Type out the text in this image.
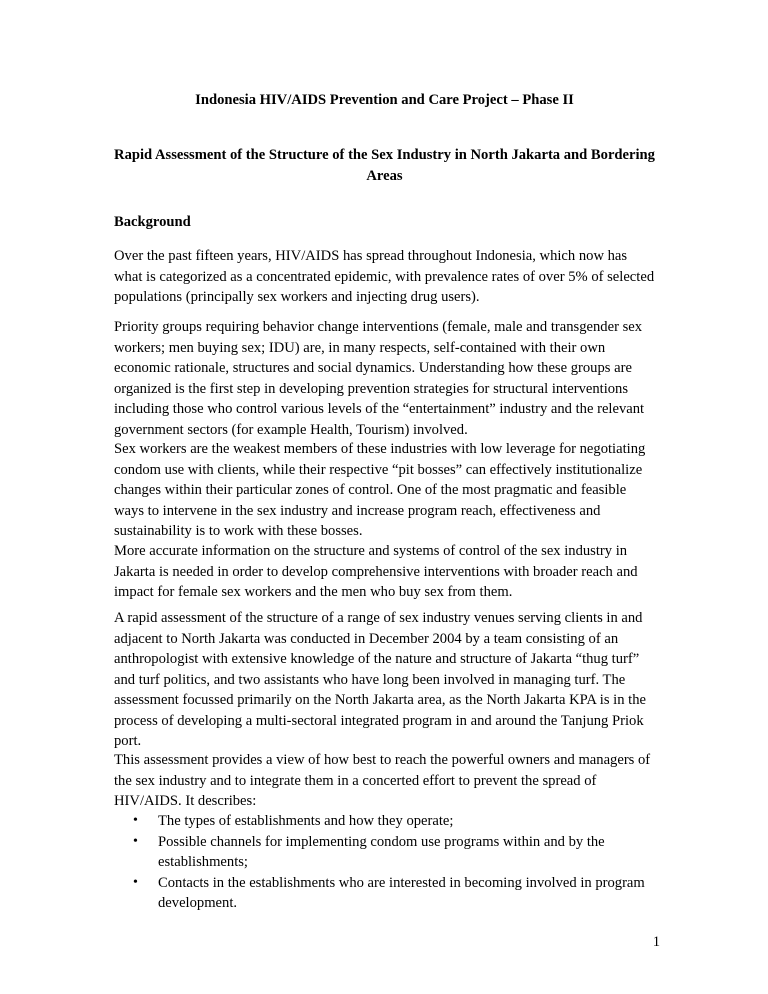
Indonesia HIV/AIDS Prevention and Care Project – Phase II

Rapid Assessment of the Structure of the Sex Industry in North Jakarta and Bordering Areas

Background

Over the past fifteen years, HIV/AIDS has spread throughout Indonesia, which now has what is categorized as a concentrated epidemic, with prevalence rates of over 5% of selected populations (principally sex workers and injecting drug users).

Priority groups requiring behavior change interventions (female, male and transgender sex workers; men buying sex; IDU) are, in many respects, self-contained with their own economic rationale, structures and social dynamics. Understanding how these groups are organized is the first step in developing prevention strategies for structural interventions including those who control various levels of the “entertainment” industry and the relevant government sectors (for example Health, Tourism) involved.

Sex workers are the weakest members of these industries with low leverage for negotiating condom use with clients, while their respective “pit bosses” can effectively institutionalize changes within their particular zones of control. One of the most pragmatic and feasible ways to intervene in the sex industry and increase program reach, effectiveness and sustainability is to work with these bosses.

More accurate information on the structure and systems of control of the sex industry in Jakarta is needed in order to develop comprehensive interventions with broader reach and impact for female sex workers and the men who buy sex from them.

A rapid assessment of the structure of a range of sex industry venues serving clients in and adjacent to North Jakarta was conducted in December 2004 by a team consisting of an anthropologist with extensive knowledge of the nature and structure of Jakarta “thug turf” and turf politics, and two assistants who have long been involved in managing turf. The assessment focussed primarily on the North Jakarta area, as the North Jakarta KPA is in the process of developing a multi-sectoral integrated program in and around the Tanjung Priok port.

This assessment provides a view of how best to reach the powerful owners and managers of the sex industry and to integrate them in a concerted effort to prevent the spread of HIV/AIDS. It describes:

• The types of establishments and how they operate;
• Possible channels for implementing condom use programs within and by the establishments;
• Contacts in the establishments who are interested in becoming involved in program development.

1
